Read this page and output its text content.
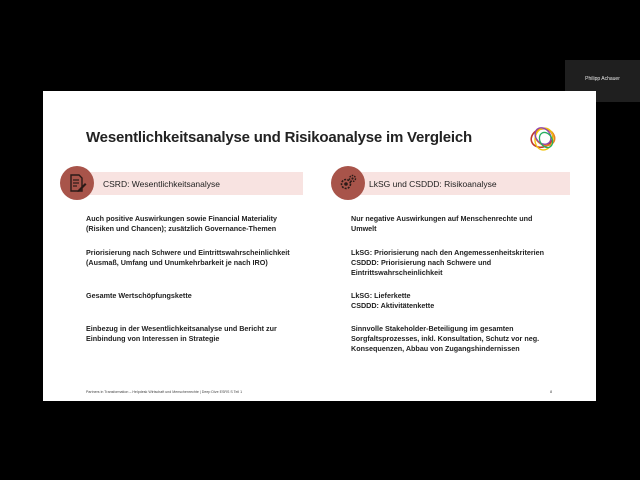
Philipp Achauer
Wesentlichkeitsanalyse und Risikoanalyse im Vergleich
CSRD: Wesentlichkeitsanalyse
Auch positive Auswirkungen sowie Financial Materiality
(Risiken und Chancen); zusätzlich Governance-Themen
Priorisierung nach Schwere und Eintrittswahrscheinlichkeit
(Ausmaß, Umfang und Unumkehrbarkeit je nach IRO)
Gesamte Wertschöpfungskette
Einbezug in der Wesentlichkeitsanalyse und Bericht zur
Einbindung von Interessen in Strategie
LkSG und CSDDD: Risikoanalyse
Nur negative Auswirkungen auf Menschenrechte und
Umwelt
LkSG: Priorisierung nach den Angemessenheitskriterien
CSDDD: Priorisierung nach Schwere und
Eintrittswahrscheinlichkeit
LkSG: Lieferkette
CSDDD: Aktivitätenkette
Sinnvolle Stakeholder-Beteiligung im gesamten
Sorgfaltsprozesses, inkl. Konsultation, Schutz vor neg.
Konsequenzen, Abbau von Zugangshindernissen
Partners in Transformation – Helpdesk Wirtschaft und Menschenrechte | Deep Dive ESRS S Teil 1	8
